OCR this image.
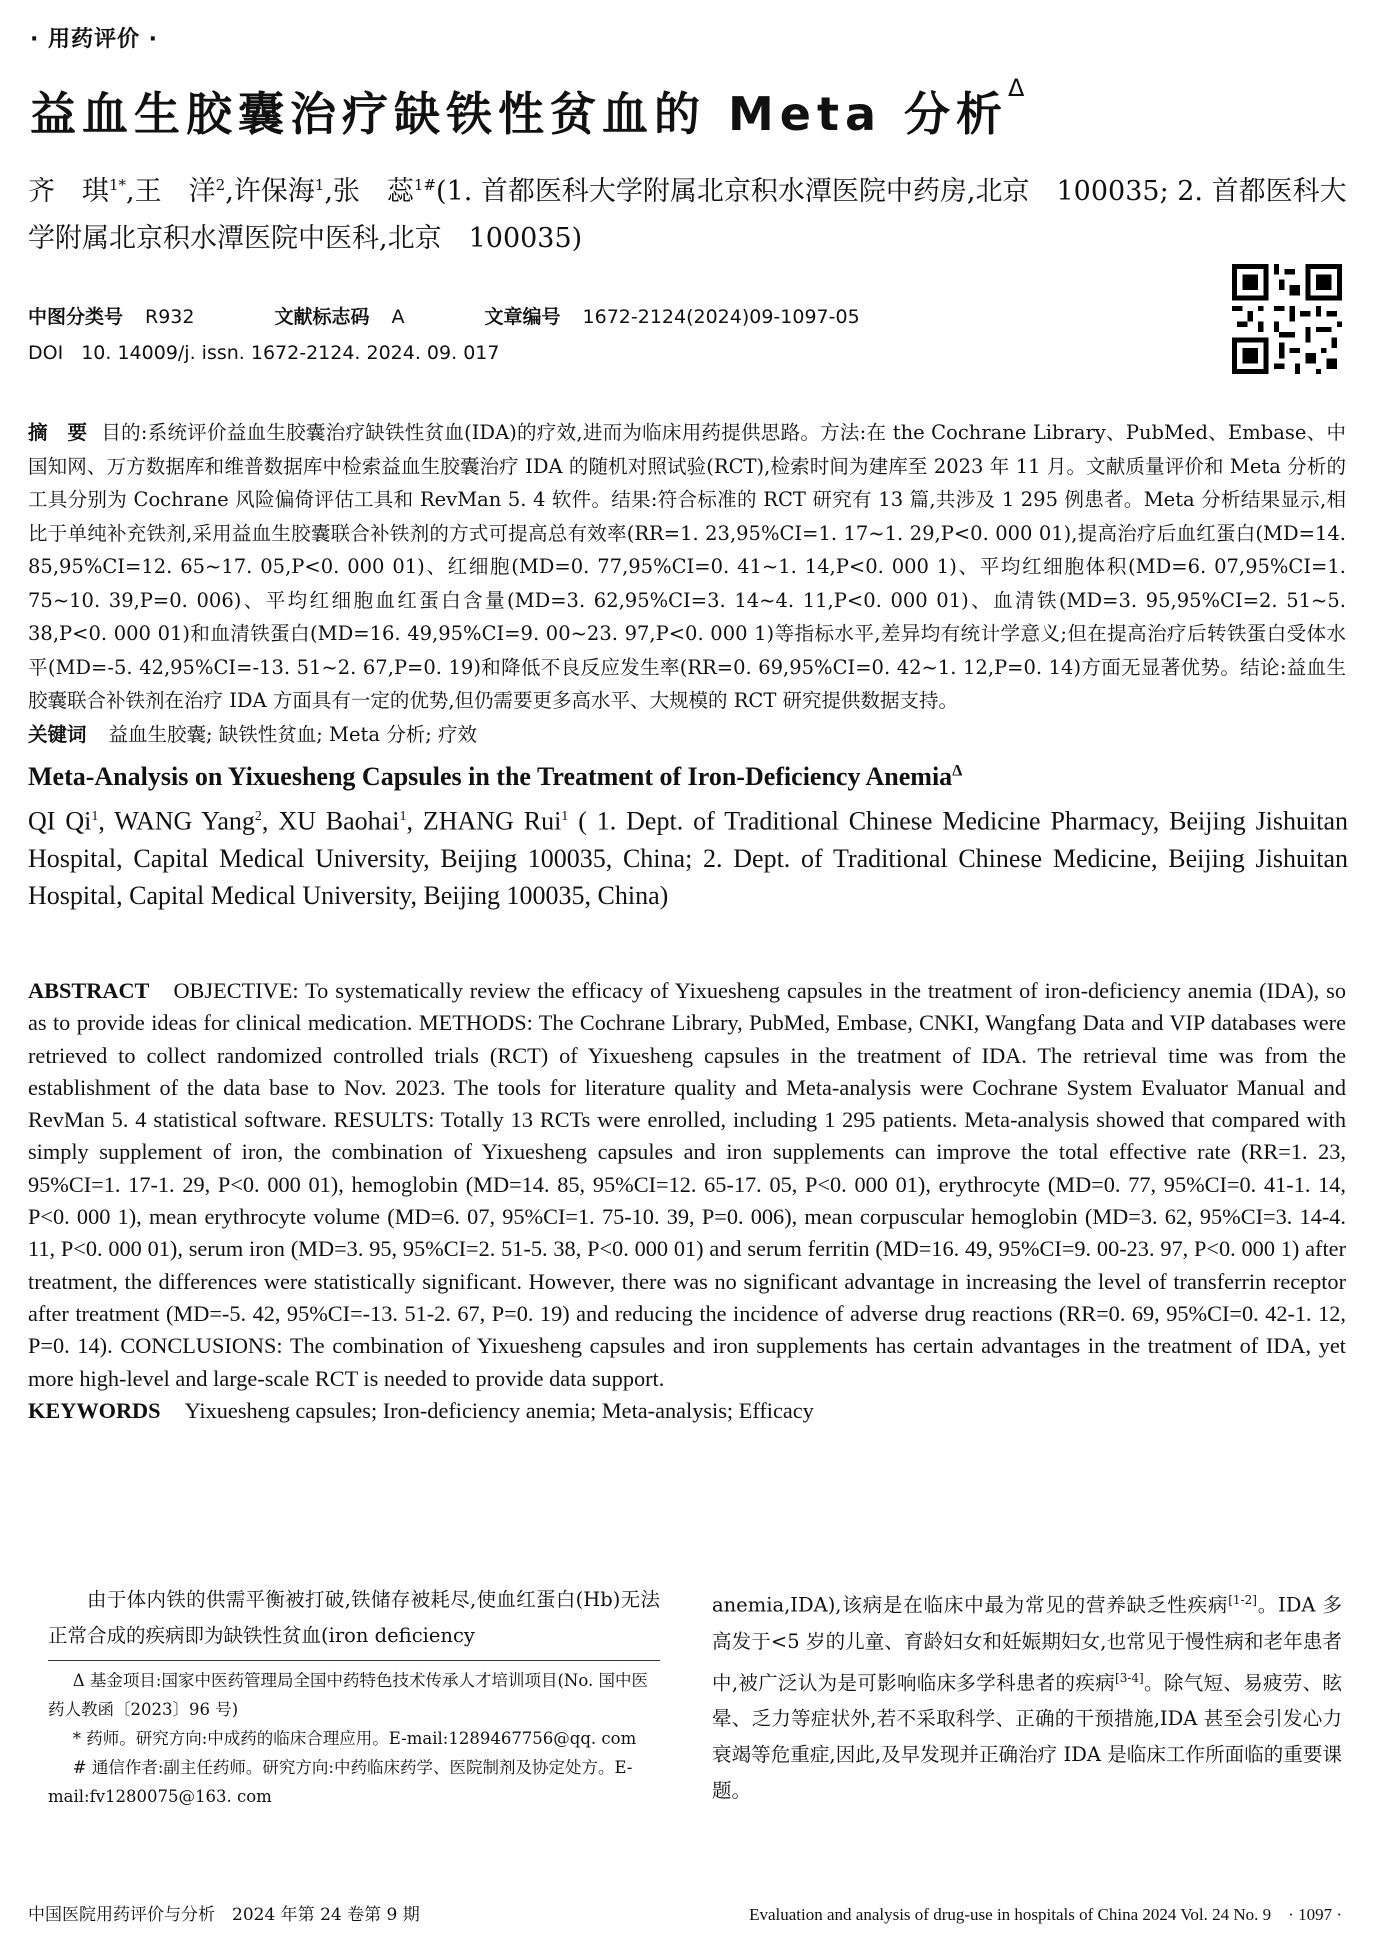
· 用药评价 ·
益血生胶囊治疗缺铁性贫血的 Meta 分析$^\Delta$
齐　琪$^{1*}$,王　洋$^2$,许保海$^1$,张　蕊$^{1\#}$(1. 首都医科大学附属北京积水潭医院中药房,北京　100035; 2. 首都医科大学附属北京积水潭医院中医科,北京　100035)
中图分类号 R932	文献标志码 A	文章编号 1672-2124(2024)09-1097-05
DOI 10. 14009/j. issn. 1672-2124. 2024. 09. 017
摘　要 目的:系统评价益血生胶囊治疗缺铁性贫血(IDA)的疗效,进而为临床用药提供思路。方法:在 the Cochrane Library、PubMed、Embase、中国知网、万方数据库和维普数据库中检索益血生胶囊治疗 IDA 的随机对照试验(RCT),检索时间为建库至 2023 年 11 月。文献质量评价和 Meta 分析的工具分别为 Cochrane 风险偏倚评估工具和 RevMan 5. 4 软件。结果:符合标准的 RCT 研究有 13 篇,共涉及 1 295 例患者。Meta 分析结果显示,相比于单纯补充铁剂,采用益血生胶囊联合补铁剂的方式可提高总有效率(RR=1. 23,95%CI=1. 17~1. 29,P<0. 000 01),提高治疗后血红蛋白(MD=14. 85,95%CI=12. 65~17. 05,P<0. 000 01)、红细胞(MD=0. 77,95%CI=0. 41~1. 14,P<0. 000 1)、平均红细胞体积(MD=6. 07,95%CI=1. 75~10. 39,P=0. 006)、平均红细胞血红蛋白含量(MD=3. 62,95%CI=3. 14~4. 11,P<0. 000 01)、血清铁(MD=3. 95,95%CI=2. 51~5. 38,P<0. 000 01)和血清铁蛋白(MD=16. 49,95%CI=9. 00~23. 97,P<0. 000 1)等指标水平,差异均有统计学意义;但在提高治疗后转铁蛋白受体水平(MD=-5. 42,95%CI=-13. 51~2. 67,P=0. 19)和降低不良反应发生率(RR=0. 69,95%CI=0. 42~1. 12,P=0. 14)方面无显著优势。结论:益血生胶囊联合补铁剂在治疗 IDA 方面具有一定的优势,但仍需要更多高水平、大规模的 RCT 研究提供数据支持。
关键词 益血生胶囊; 缺铁性贫血; Meta 分析; 疗效
Meta-Analysis on Yixuesheng Capsules in the Treatment of Iron-Deficiency Anemia$^\Delta$
QI Qi$^1$, WANG Yang$^2$, XU Baohai$^1$, ZHANG Rui$^1$ ( 1. Dept. of Traditional Chinese Medicine Pharmacy, Beijing Jishuitan Hospital, Capital Medical University, Beijing 100035, China; 2. Dept. of Traditional Chinese Medicine, Beijing Jishuitan Hospital, Capital Medical University, Beijing 100035, China)
ABSTRACT OBJECTIVE: To systematically review the efficacy of Yixuesheng capsules in the treatment of iron-deficiency anemia (IDA), so as to provide ideas for clinical medication. METHODS: The Cochrane Library, PubMed, Embase, CNKI, Wangfang Data and VIP databases were retrieved to collect randomized controlled trials (RCT) of Yixuesheng capsules in the treatment of IDA. The retrieval time was from the establishment of the data base to Nov. 2023. The tools for literature quality and Meta-analysis were Cochrane System Evaluator Manual and RevMan 5. 4 statistical software. RESULTS: Totally 13 RCTs were enrolled, including 1 295 patients. Meta-analysis showed that compared with simply supplement of iron, the combination of Yixuesheng capsules and iron supplements can improve the total effective rate (RR=1. 23, 95%CI=1. 17-1. 29, P<0. 000 01), hemoglobin (MD=14. 85, 95%CI=12. 65-17. 05, P<0. 000 01), erythrocyte (MD=0. 77, 95%CI=0. 41-1. 14, P<0. 000 1), mean erythrocyte volume (MD=6. 07, 95%CI=1. 75-10. 39, P=0. 006), mean corpuscular hemoglobin (MD=3. 62, 95%CI=3. 14-4. 11, P<0. 000 01), serum iron (MD=3. 95, 95%CI=2. 51-5. 38, P<0. 000 01) and serum ferritin (MD=16. 49, 95%CI=9. 00-23. 97, P<0. 000 1) after treatment, the differences were statistically significant. However, there was no significant advantage in increasing the level of transferrin receptor after treatment (MD=-5. 42, 95%CI=-13. 51-2. 67, P=0. 19) and reducing the incidence of adverse drug reactions (RR=0. 69, 95%CI=0. 42-1. 12, P=0. 14). CONCLUSIONS: The combination of Yixuesheng capsules and iron supplements has certain advantages in the treatment of IDA, yet more high-level and large-scale RCT is needed to provide data support.
KEYWORDS Yixuesheng capsules; Iron-deficiency anemia; Meta-analysis; Efficacy
由于体内铁的供需平衡被打破,铁储存被耗尽,使血红蛋白(Hb)无法正常合成的疾病即为缺铁性贫血(iron deficiency

Δ 基金项目:国家中医药管理局全国中药特色技术传承人才培训项目(No. 国中医药人教函〔2023〕96 号)

* 药师。研究方向:中成药的临床合理应用。E-mail:1289467756@qq. com

# 通信作者:副主任药师。研究方向:中药临床药学、医院制剂及协定处方。E-mail:fv1280075@163. com

anemia,IDA),该病是在临床中最为常见的营养缺乏性疾病[1-2]。IDA 多高发于<5 岁的儿童、育龄妇女和妊娠期妇女,也常见于慢性病和老年患者中,被广泛认为是可影响临床多学科患者的疾病[3-4]。除气短、易疲劳、眩晕、乏力等症状外,若不采取科学、正确的干预措施,IDA 甚至会引发心力衰竭等危重症,因此,及早发现并正确治疗 IDA 是临床工作所面临的重要课题。
中国医院用药评价与分析　2024 年第 24 卷第 9 期	Evaluation and analysis of drug-use in hospitals of China 2024 Vol. 24 No. 9　· 1097 ·
